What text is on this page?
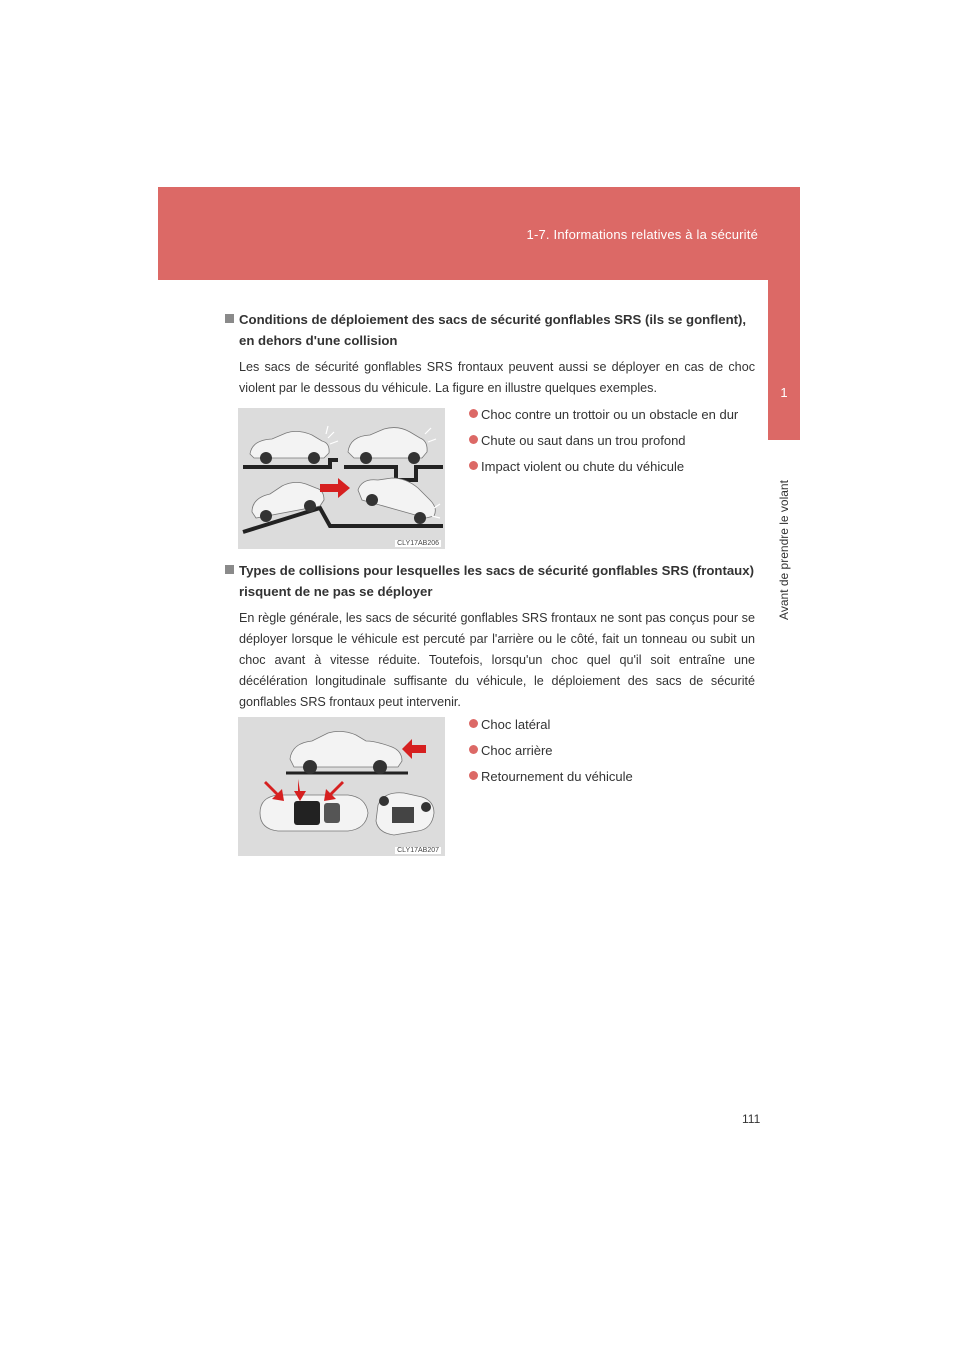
1-7. Informations relatives à la sécurité
1
Avant de prendre le volant
Conditions de déploiement des sacs de sécurité gonflables SRS (ils se gonflent),
en dehors d'une collision
Les sacs de sécurité gonflables SRS frontaux peuvent aussi se déployer en cas de choc violent par le dessous du véhicule. La figure en illustre quelques exemples.
CLY17AB206
Choc contre un trottoir ou un obstacle en dur
Chute ou saut dans un trou profond
Impact violent ou chute du véhicule
Types de collisions pour lesquelles les sacs de sécurité gonflables SRS (frontaux)
risquent de ne pas se déployer
En règle générale, les sacs de sécurité gonflables SRS frontaux ne sont pas conçus pour se déployer lorsque le véhicule est percuté par l'arrière ou le côté, fait un tonneau ou subit un choc avant à vitesse réduite. Toutefois, lorsqu'un choc quel qu'il soit entraîne une décélération longitudinale suffisante du véhicule, le déploiement des sacs de sécurité gonflables SRS frontaux peut intervenir.
CLY17AB207
Choc latéral
Choc arrière
Retournement du véhicule
111
